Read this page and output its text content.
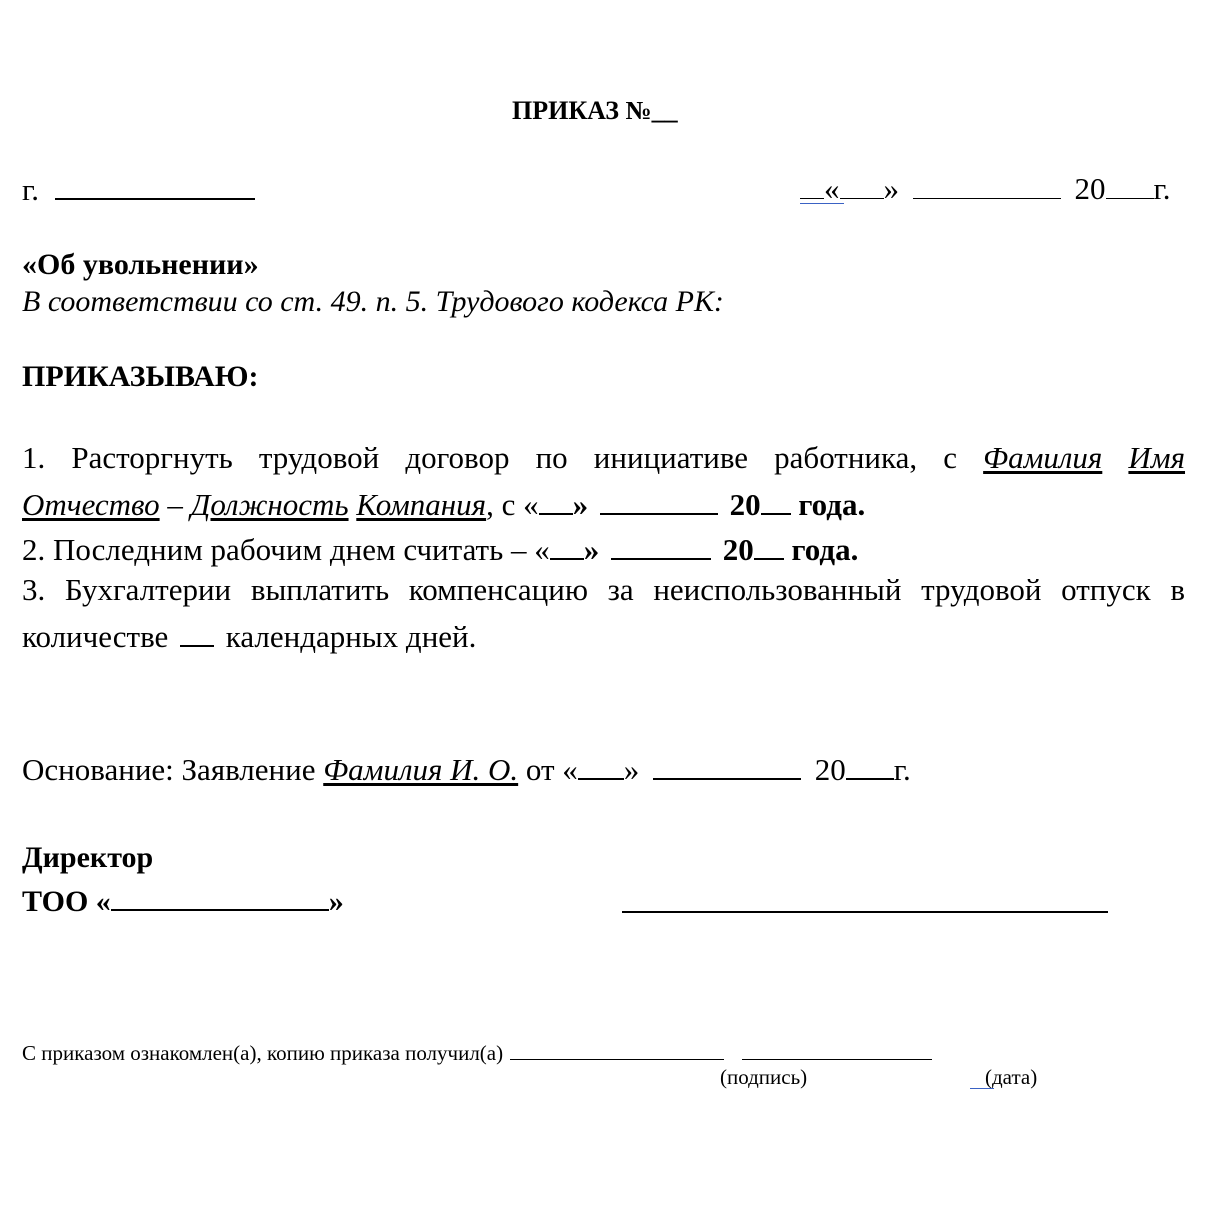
ПРИКАЗ №__
г.	« »	20 г.
«Об увольнении»
В соответствии со ст. 49. п. 5. Трудового кодекса РК:
ПРИКАЗЫВАЮ:
1. Расторгнуть трудовой договор по инициативе работника, с Фамилия Имя
Отчество – Должность Компания, с « »	20 года.
2. Последним рабочим днем считать – « »	20 года.
3. Бухгалтерии выплатить компенсацию за неиспользованный трудовой отпуск в
количестве календарных дней.
Основание: Заявление Фамилия И. О. от « »	20 г.
Директор
ТОО «	»
С приказом ознакомлен(а), копию приказа получил(а)
(подпись)	(дата)
